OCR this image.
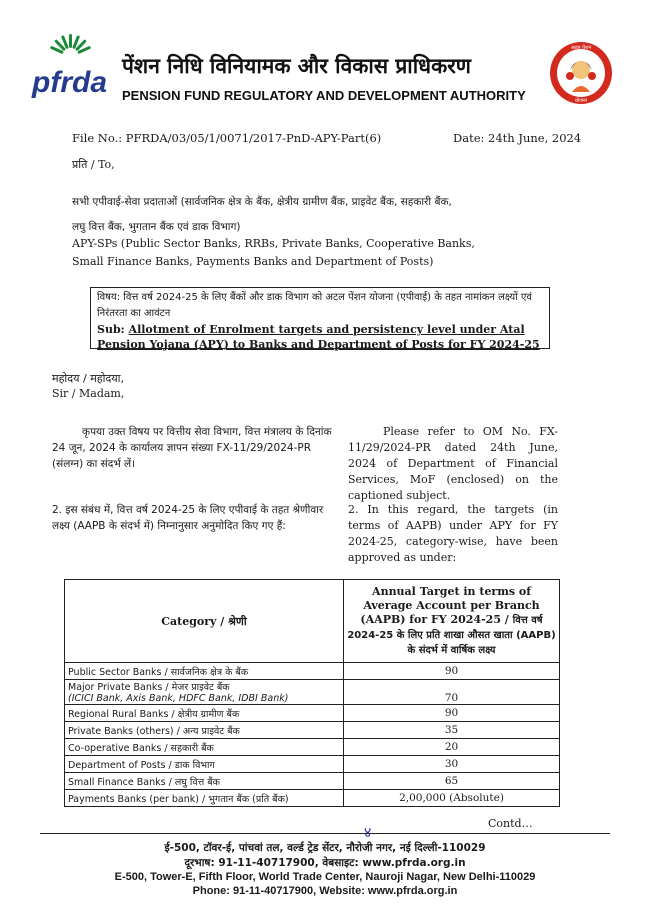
pfrda पेंशन निधि विनियामक और विकास प्राधिकरण
PENSION FUND REGULATORY AND DEVELOPMENT AUTHORITY
अटल पेंशन
योजना
File No.: PFRDA/03/05/1/0071/2017-PnD-APY-Part(6)	Date: 24th June, 2024
प्रति / To,
सभी एपीवाई-सेवा प्रदाताओं (सार्वजनिक क्षेत्र के बैंक, क्षेत्रीय ग्रामीण बैंक, प्राइवेट बैंक, सहकारी बैंक,
लघु वित्त बैंक, भुगतान बैंक एवं डाक विभाग)
APY-SPs (Public Sector Banks, RRBs, Private Banks, Cooperative Banks,
Small Finance Banks, Payments Banks and Department of Posts)
विषय: वित्त वर्ष 2024-25 के लिए बैंकों और डाक विभाग को अटल पेंशन योजना (एपीवाई) के तहत नामांकन लक्ष्यों एवं निरंतरता का आवंटन
Sub: Allotment of Enrolment targets and persistency level under Atal Pension Yojana (APY) to Banks and Department of Posts for FY 2024-25
महोदय / महोदया,
Sir / Madam,
कृपया उक्त विषय पर वित्तीय सेवा विभाग, वित्त मंत्रालय के दिनांक 24 जून, 2024 के कार्यालय ज्ञापन संख्या FX-11/29/2024-PR (संलग्न) का संदर्भ लें।
Please refer to OM No. FX-11/29/2024-PR dated 24th June, 2024 of Department of Financial Services, MoF (enclosed) on the captioned subject.
2. इस संबंध में, वित्त वर्ष 2024-25 के लिए एपीवाई के तहत श्रेणीवार लक्ष्य (AAPB के संदर्भ में) निम्नानुसार अनुमोदित किए गए हैं:
2. In this regard, the targets (in terms of AAPB) under APY for FY 2024-25, category-wise, have been approved as under:
Category / श्रेणी	Annual Target in terms of Average Account per Branch (AAPB) for FY 2024-25 / वित्त वर्ष 2024-25 के लिए प्रति शाखा औसत खाता (AAPB) के संदर्भ में वार्षिक लक्ष्य
Public Sector Banks / सार्वजनिक क्षेत्र के बैंक	90

Major Private Banks / मेजर प्राइवेट बैंक
(ICICI Bank, Axis Bank, HDFC Bank, IDBI Bank)	70
Regional Rural Banks / क्षेत्रीय ग्रामीण बैंक	90
Private Banks (others) / अन्य प्राइवेट बैंक	35
Co-operative Banks / सहकारी बैंक	20
Department of Posts / डाक विभाग	30
Small Finance Banks / लघु वित्त बैंक	65
Payments Banks (per bank) / भुगतान बैंक (प्रति बैंक)	2,00,000 (Absolute)
Contd…
४
ई-500, टॉवर-ई, पांचवां तल, वर्ल्ड ट्रेड सेंटर, नौरोजी नगर, नई दिल्ली-110029
दूरभाष: 91-11-40717900, वेबसाइट: www.pfrda.org.in
E-500, Tower-E, Fifth Floor, World Trade Center, Nauroji Nagar, New Delhi-110029
Phone: 91-11-40717900, Website: www.pfrda.org.in
